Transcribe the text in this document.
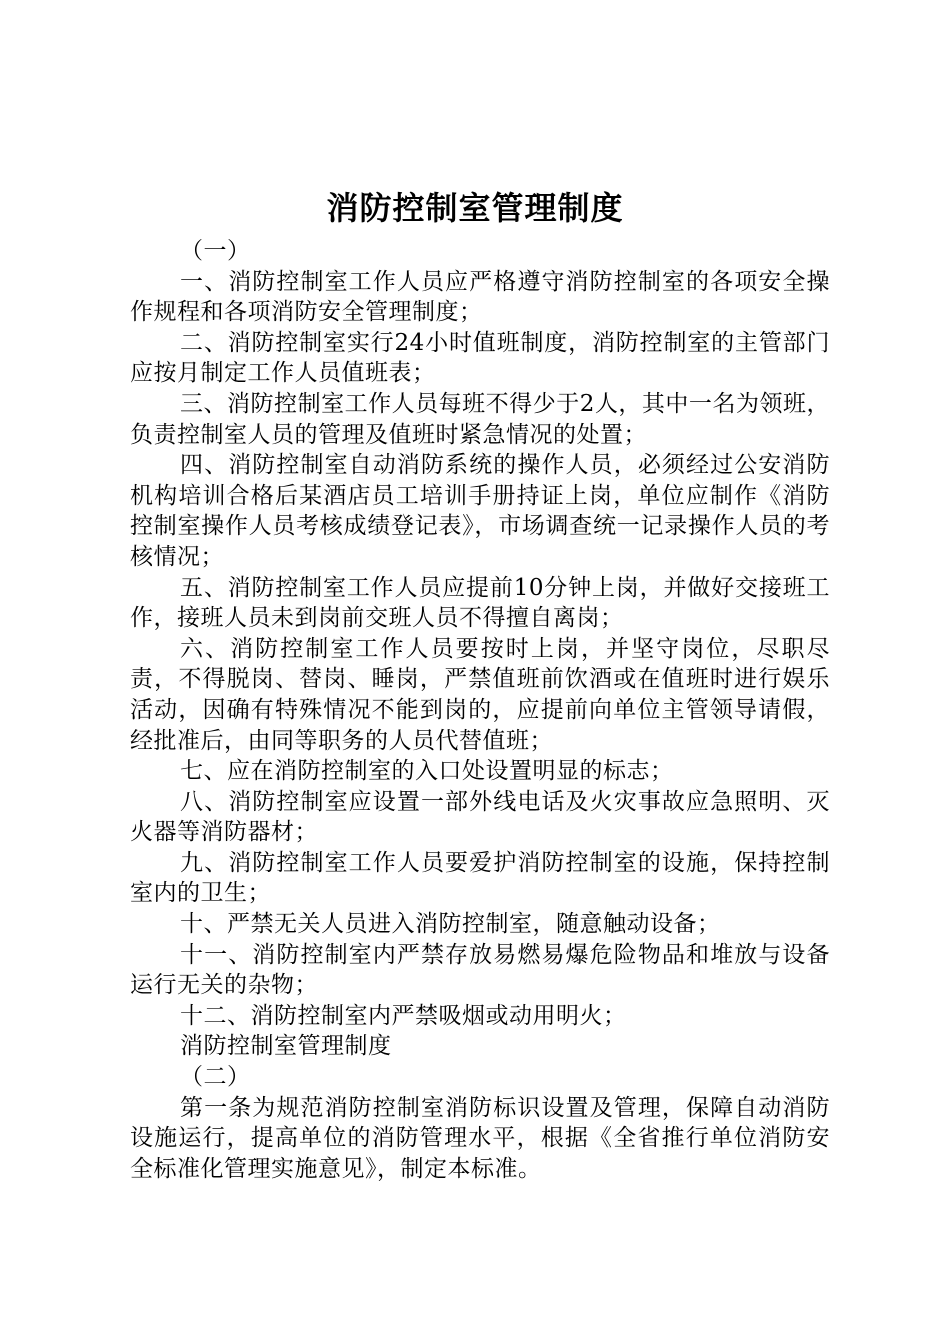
消防控制室管理制度

（一）

一、消防控制室工作人员应严格遵守消防控制室的各项安全操作规程和各项消防安全管理制度；

二、消防控制室实行24小时值班制度，消防控制室的主管部门应按月制定工作人员值班表；

三、消防控制室工作人员每班不得少于2人，其中一名为领班，负责控制室人员的管理及值班时紧急情况的处置；

四、消防控制室自动消防系统的操作人员，必须经过公安消防机构培训合格后某酒店员工培训手册持证上岗，单位应制作《消防控制室操作人员考核成绩登记表》，市场调查统一记录操作人员的考核情况；

五、消防控制室工作人员应提前10分钟上岗，并做好交接班工作，接班人员未到岗前交班人员不得擅自离岗；

六、消防控制室工作人员要按时上岗，并坚守岗位，尽职尽责，不得脱岗、替岗、睡岗，严禁值班前饮酒或在值班时进行娱乐活动，因确有特殊情况不能到岗的，应提前向单位主管领导请假，经批准后，由同等职务的人员代替值班；

七、应在消防控制室的入口处设置明显的标志；

八、消防控制室应设置一部外线电话及火灾事故应急照明、灭火器等消防器材；

九、消防控制室工作人员要爱护消防控制室的设施，保持控制室内的卫生；

十、严禁无关人员进入消防控制室，随意触动设备；

十一、消防控制室内严禁存放易燃易爆危险物品和堆放与设备运行无关的杂物；

十二、消防控制室内严禁吸烟或动用明火；

消防控制室管理制度

（二）

第一条为规范消防控制室消防标识设置及管理，保障自动消防设施运行，提高单位的消防管理水平，根据《全省推行单位消防安全标准化管理实施意见》，制定本标准。
